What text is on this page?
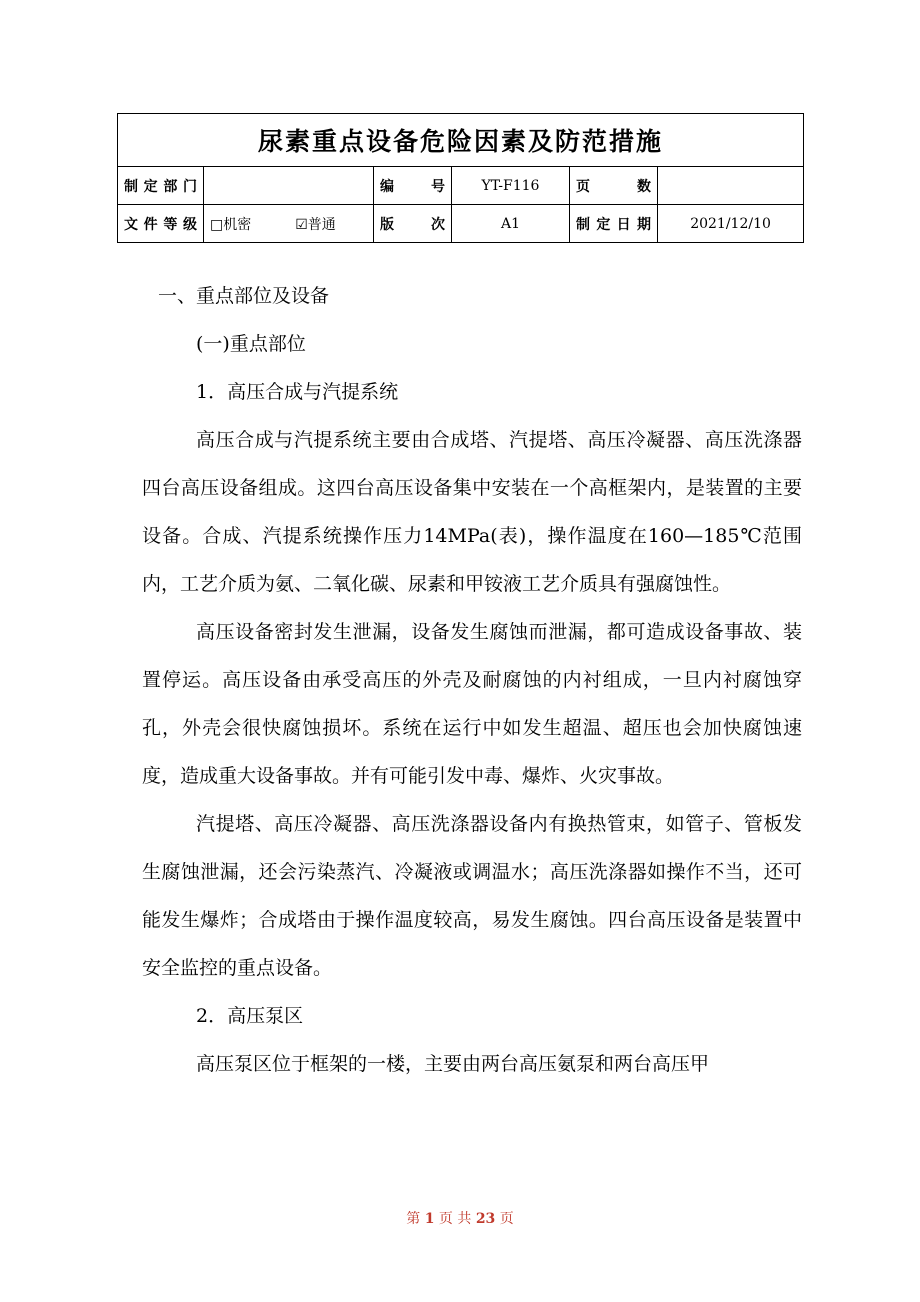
尿素重点设备危险因素及防范措施					
制定部门		编 号	YT-F116	页 数	
文件等级	□机密 ☑普通	版 次	A1	制定日期	2021/12/10

一、重点部位及设备

(一)重点部位

1．高压合成与汽提系统

高压合成与汽提系统主要由合成塔、汽提塔、高压冷凝器、高压洗涤器四台高压设备组成。这四台高压设备集中安装在一个高框架内，是装置的主要设备。合成、汽提系统操作压力14MPa(表)，操作温度在160—185℃范围内，工艺介质为氨、二氧化碳、尿素和甲铵液工艺介质具有强腐蚀性。

高压设备密封发生泄漏，设备发生腐蚀而泄漏，都可造成设备事故、装置停运。高压设备由承受高压的外壳及耐腐蚀的内衬组成，一旦内衬腐蚀穿孔，外壳会很快腐蚀损坏。系统在运行中如发生超温、超压也会加快腐蚀速度，造成重大设备事故。并有可能引发中毒、爆炸、火灾事故。

汽提塔、高压冷凝器、高压洗涤器设备内有换热管束，如管子、管板发生腐蚀泄漏，还会污染蒸汽、冷凝液或调温水；高压洗涤器如操作不当，还可能发生爆炸；合成塔由于操作温度较高，易发生腐蚀。四台高压设备是装置中安全监控的重点设备。

2．高压泵区

高压泵区位于框架的一楼，主要由两台高压氨泵和两台高压甲

第 1 页 共 23 页
